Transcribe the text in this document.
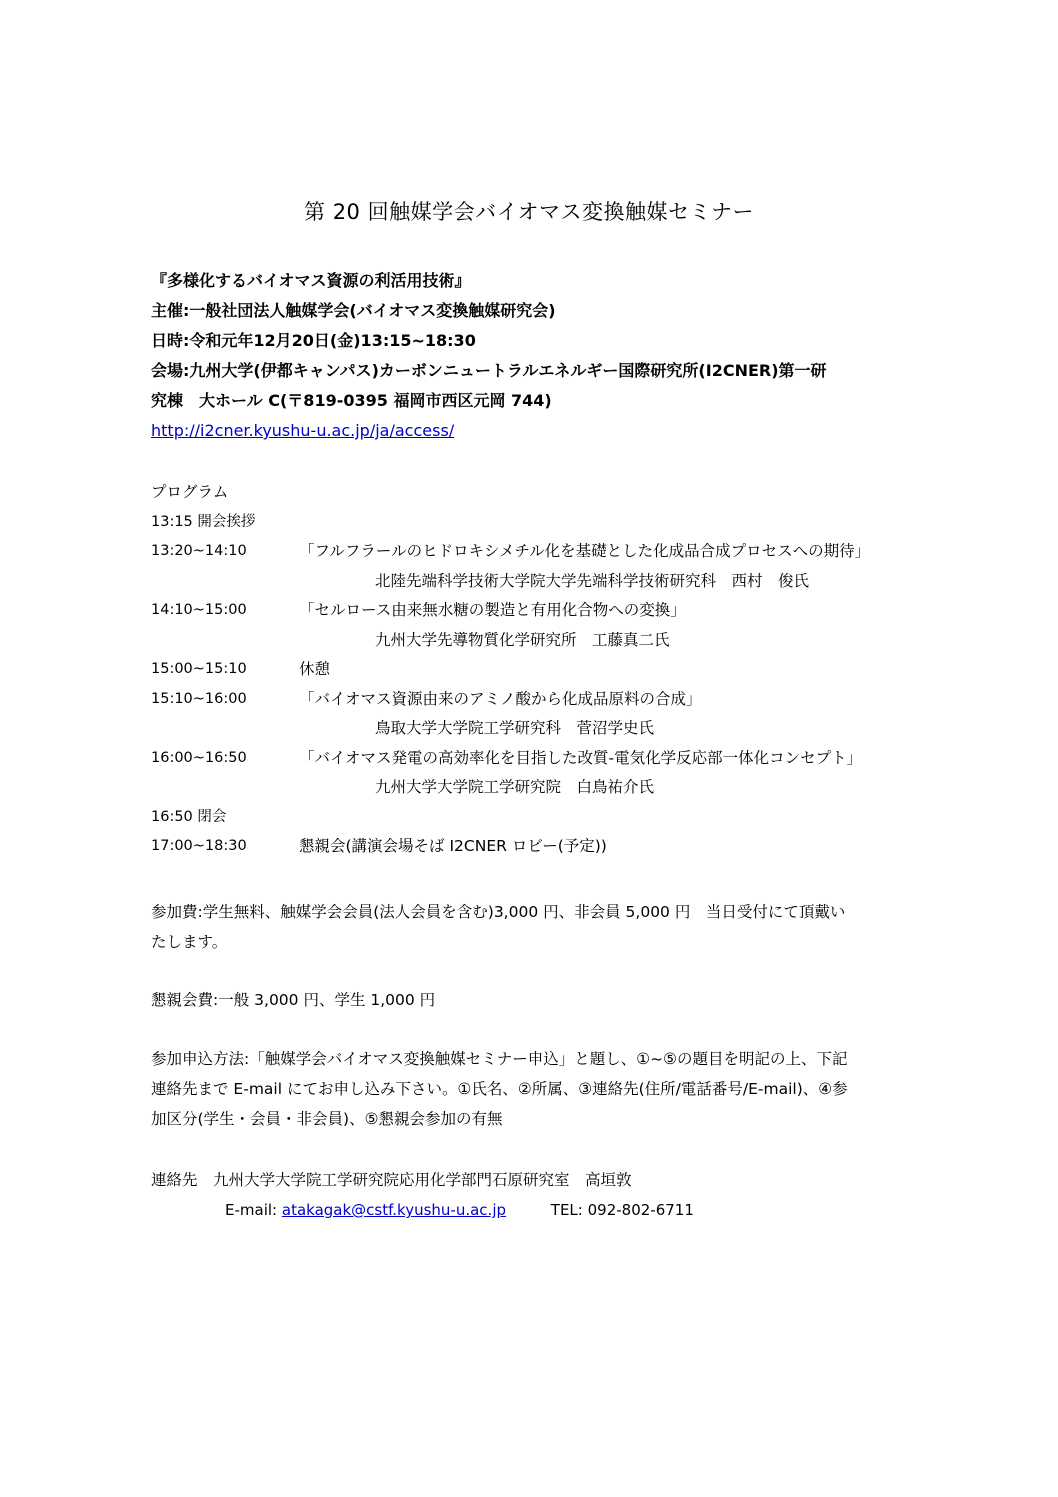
第 20 回触媒学会バイオマス変換触媒セミナー
『多様化するバイオマス資源の利活用技術』
主催:一般社団法人触媒学会(バイオマス変換触媒研究会)
日時:令和元年12月20日(金)13:15~18:30
会場:九州大学(伊都キャンパス)カーボンニュートラルエネルギー国際研究所(I2CNER)第一研
究棟　大ホール C(〒819-0395 福岡市西区元岡 744)
http://i2cner.kyushu-u.ac.jp/ja/access/
プログラム
13:15 開会挨拶
13:20~14:10	「フルフラールのヒドロキシメチル化を基礎とした化成品合成プロセスへの期待」
北陸先端科学技術大学院大学先端科学技術研究科　西村　俊氏
14:10~15:00	「セルロース由来無水糖の製造と有用化合物への変換」
九州大学先導物質化学研究所　工藤真二氏
15:00~15:10	休憩
15:10~16:00	「バイオマス資源由来のアミノ酸から化成品原料の合成」
鳥取大学大学院工学研究科　菅沼学史氏
16:00~16:50	「バイオマス発電の高効率化を目指した改質-電気化学反応部一体化コンセプト」
九州大学大学院工学研究院　白鳥祐介氏
16:50 閉会
17:00~18:30	懇親会(講演会場そば I2CNER ロビー(予定))
参加費:学生無料、触媒学会会員(法人会員を含む)3,000 円、非会員 5,000 円　当日受付にて頂戴い
たします。
懇親会費:一般 3,000 円、学生 1,000 円
参加申込方法:「触媒学会バイオマス変換触媒セミナー申込」と題し、①~⑤の題目を明記の上、下記
連絡先まで E-mail にてお申し込み下さい。①氏名、②所属、③連絡先(住所/電話番号/E-mail)、④参
加区分(学生・会員・非会員)、⑤懇親会参加の有無
連絡先　九州大学大学院工学研究院応用化学部門石原研究室　高垣敦
E-mail: atakagak@cstf.kyushu-u.ac.jp	TEL: 092-802-6711
